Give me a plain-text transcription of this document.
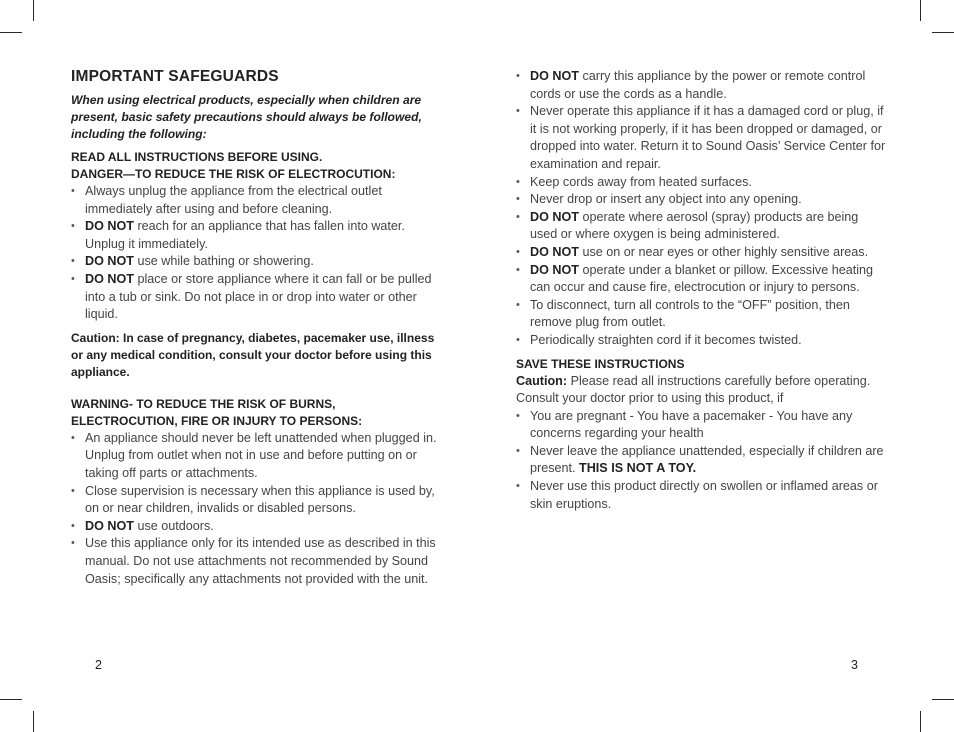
IMPORTANT SAFEGUARDS

When using electrical products, especially when children are present, basic safety precautions should always be followed, including the following:

READ ALL INSTRUCTIONS BEFORE USING.

DANGER—TO REDUCE THE RISK OF ELECTROCUTION:

• Always unplug the appliance from the electrical outlet immediately after using and before cleaning.
• DO NOT reach for an appliance that has fallen into water. Unplug it immediately.
• DO NOT use while bathing or showering.
• DO NOT place or store appliance where it can fall or be pulled into a tub or sink. Do not place in or drop into water or other liquid.

Caution: In case of pregnancy, diabetes, pacemaker use, illness or any medical condition, consult your doctor before using this appliance.

WARNING- TO REDUCE THE RISK OF BURNS, ELECTROCUTION, FIRE OR INJURY TO PERSONS:

• An appliance should never be left unattended when plugged in. Unplug from outlet when not in use and before putting on or taking off parts or attachments.
• Close supervision is necessary when this appliance is used by, on or near children, invalids or disabled persons.
• DO NOT use outdoors.
• Use this appliance only for its intended use as described in this manual. Do not use attachments not recommended by Sound Oasis; specifically any attachments not provided with the unit.
• DO NOT carry this appliance by the power or remote control cords or use the cords as a handle.
• Never operate this appliance if it has a damaged cord or plug, if it is not working properly, if it has been dropped or damaged, or dropped into water. Return it to Sound Oasis’ Service Center for examination and repair.
• Keep cords away from heated surfaces.
• Never drop or insert any object into any opening.
• DO NOT operate where aerosol (spray) products are being used or where oxygen is being administered.
• DO NOT use on or near eyes or other highly sensitive areas.
• DO NOT operate under a blanket or pillow. Excessive heating can occur and cause fire, electrocution or injury to persons.
• To disconnect, turn all controls to the “OFF” position, then remove plug from outlet.
• Periodically straighten cord if it becomes twisted.

SAVE THESE INSTRUCTIONS

Caution: Please read all instructions carefully before operating. Consult your doctor prior to using this product, if

• You are pregnant - You have a pacemaker - You have any concerns regarding your health
• Never leave the appliance unattended, especially if children are present. THIS IS NOT A TOY.
• Never use this product directly on swollen or inflamed areas or skin eruptions.
2	3
